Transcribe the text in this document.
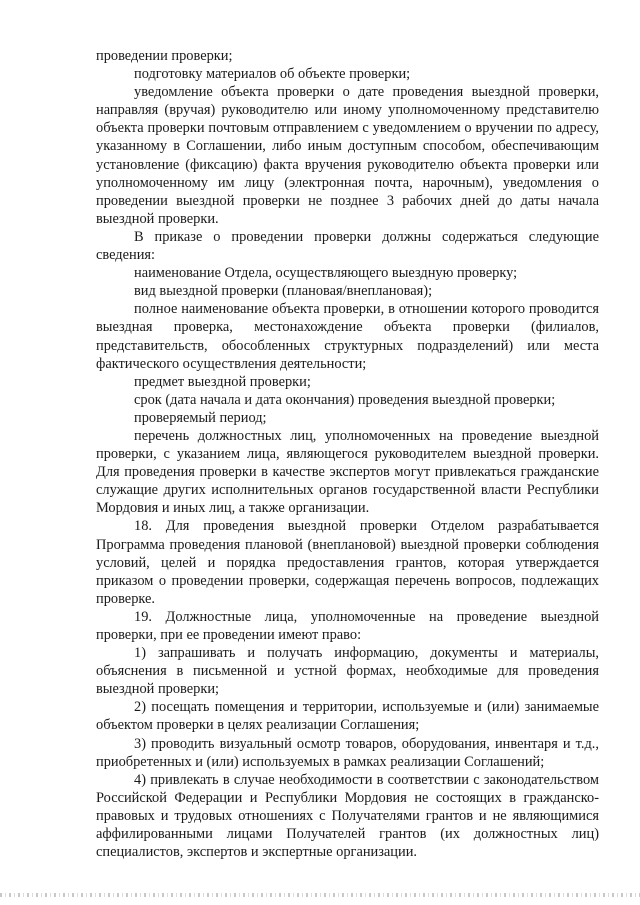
проведении проверки;

подготовку материалов об объекте проверки;

уведомление объекта проверки о дате проведения выездной проверки, направляя (вручая) руководителю или иному уполномоченному представителю объекта проверки почтовым отправлением с уведомлением о вручении по адресу, указанному в Соглашении, либо иным доступным способом, обеспечивающим установление (фиксацию) факта вручения руководителю объекта проверки или уполномоченному им лицу (электронная почта, нарочным), уведомления о проведении выездной проверки не позднее 3 рабочих дней до даты начала выездной проверки.

В приказе о проведении проверки должны содержаться следующие сведения:

наименование Отдела, осуществляющего выездную проверку;

вид выездной проверки (плановая/внеплановая);

полное наименование объекта проверки, в отношении которого проводится выездная проверка, местонахождение объекта проверки (филиалов, представительств, обособленных структурных подразделений) или места фактического осуществления деятельности;

предмет выездной проверки;

срок (дата начала и дата окончания) проведения выездной проверки;

проверяемый период;

перечень должностных лиц, уполномоченных на проведение выездной проверки, с указанием лица, являющегося руководителем выездной проверки. Для проведения проверки в качестве экспертов могут привлекаться гражданские служащие других исполнительных органов государственной власти Республики Мордовия и иных лиц, а также организации.

18. Для проведения выездной проверки Отделом разрабатывается Программа проведения плановой (внеплановой) выездной проверки соблюдения условий, целей и порядка предоставления грантов, которая утверждается приказом о проведении проверки, содержащая перечень вопросов, подлежащих проверке.

19. Должностные лица, уполномоченные на проведение выездной проверки, при ее проведении имеют право:

1) запрашивать и получать информацию, документы и материалы, объяснения в письменной и устной формах, необходимые для проведения выездной проверки;

2) посещать помещения и территории, используемые и (или) занимаемые объектом проверки в целях реализации Соглашения;

3) проводить визуальный осмотр товаров, оборудования, инвентаря и т.д., приобретенных и (или) используемых в рамках реализации Соглашений;

4) привлекать в случае необходимости в соответствии с законодательством Российской Федерации и Республики Мордовия не состоящих в гражданско-правовых и трудовых отношениях с Получателями грантов и не являющимися аффилированными лицами Получателей грантов (их должностных лиц) специалистов, экспертов и экспертные организации.
